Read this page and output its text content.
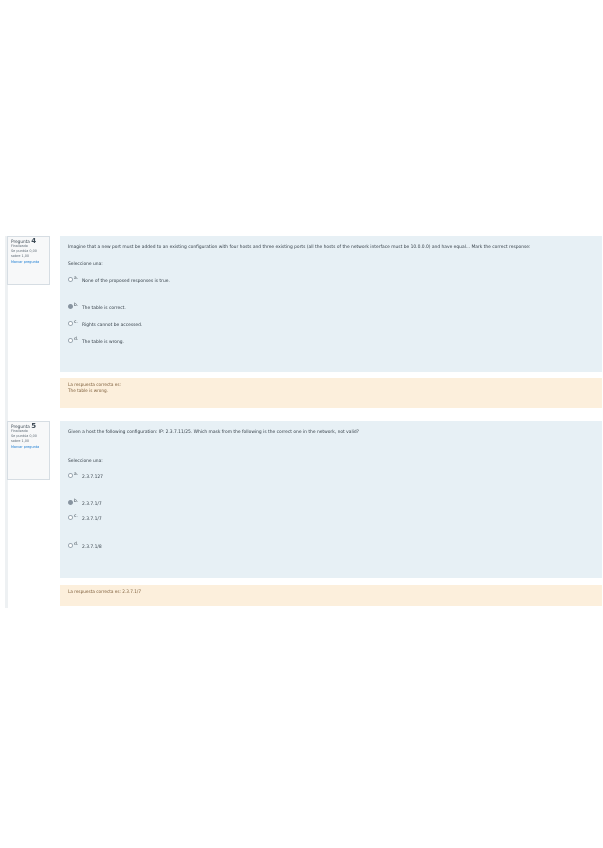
Pregunta 4
Finalizado
Se puntúa 0,00 sobre 1,00
Marcar pregunta
Imagine that a new port must be added to an existing configuration with four hosts and three existing ports (all the hosts of the network interface must be 10.0.0.0) and have equal... Mark the correct response:
Seleccione una:
a.
None of the proposed responses is true.
b.
The table is correct.
c.
Rights cannot be accessed.
d.
The table is wrong.
La respuesta correcta es:
The table is wrong.
Pregunta 5
Finalizado
Se puntúa 0,00 sobre 1,00
Marcar pregunta
Given a host the following configuration: IP: 2.3.7.11/25. Which mask from the following is the correct one in the network, not valid?
Seleccione una:
a.
2.3.7.127
b.
2.3.7.1/7
c.
2.3.7.1/7
d.
2.3.7.1/8
La respuesta correcta es: 2.3.7.1/7
